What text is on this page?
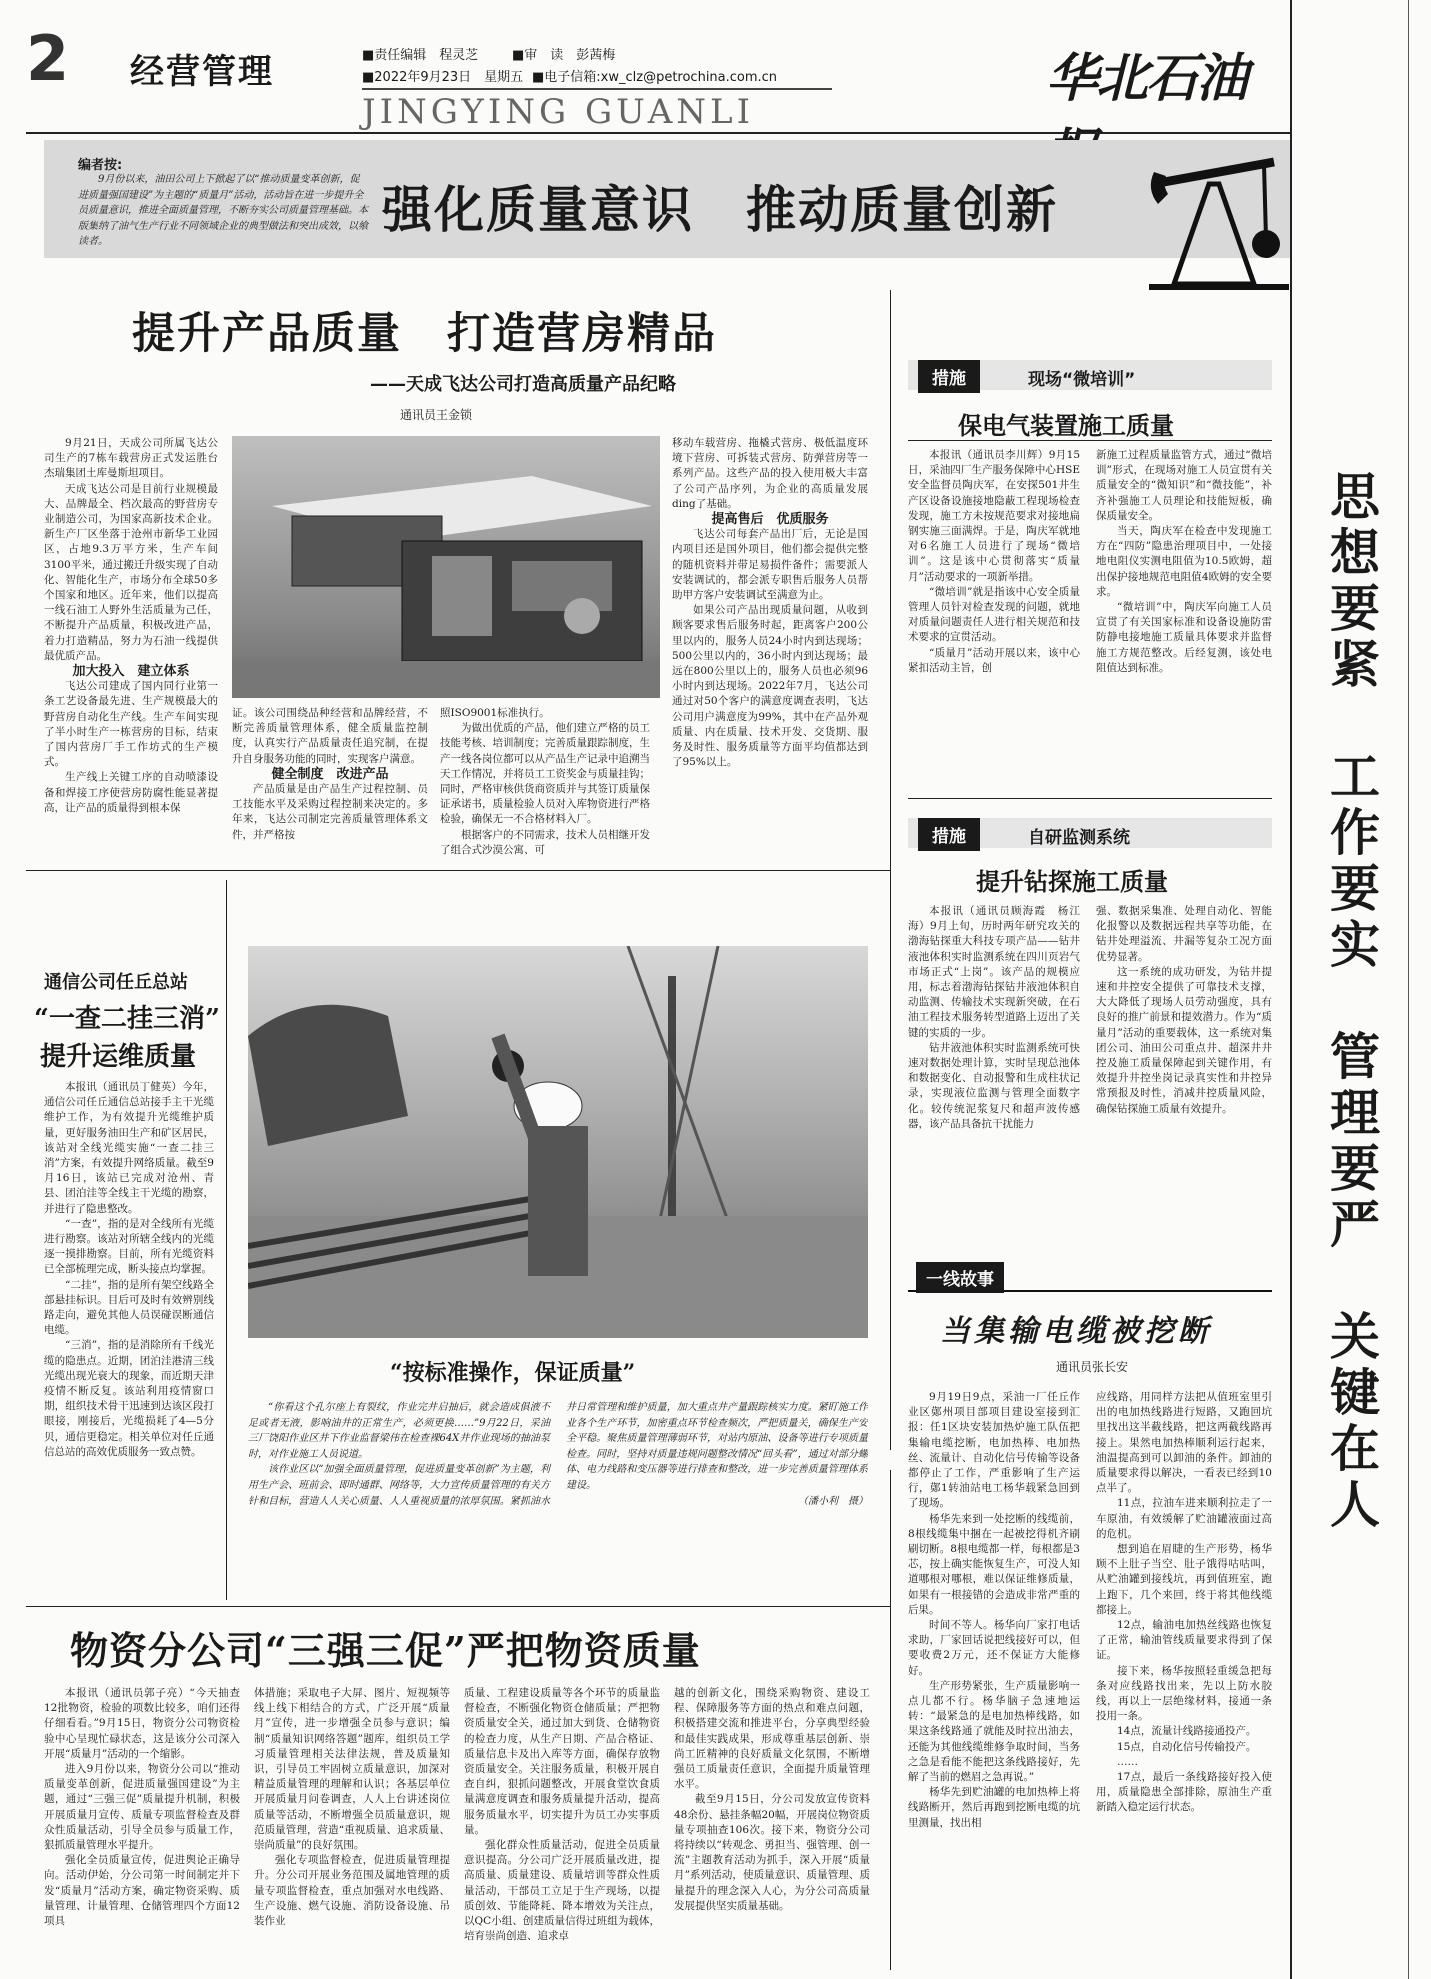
2 经营管理	■责任编辑　程灵芝	■审　读　彭茜梅
■2022年9月23日　星期五 ■电子信箱:xw_clz@petrochina.com.cn
JINGYING GUANLI
华北石油
编者按:
9月份以来，油田公司上下掀起了以“推动质量变革创新，促进质量强国建设”为主题的“质量月”活动，活动旨在进一步提升全员质量意识，推进全面质量管理，不断夯实公司质量管理基础。本版集纳了油气生产行业不同领域企业的典型做法和突出成效，以飨读者。
强化质量意识　推动质量创新
提升产品质量　打造营房精品
——天成飞达公司打造高质量产品纪略
通讯员王金锁

9月21日，天成公司所属飞达公司生产的7栋车载营房正式发运胜台杰瑞集团土库曼斯坦项目。

天成飞达公司是目前行业规模最大、品牌最全、档次最高的野营房专业制造公司，为国家高新技术企业。新生产厂区坐落于沧州市新华工业园区，占地9.3万平方米，生产车间3100平米，通过搬迁升级实现了自动化、智能化生产，市场分布全球50多个国家和地区。近年来，他们以提高一线石油工人野外生活质量为己任，不断提升产品质量，积极改进产品，着力打造精品，努力为石油一线提供最优质产品。

加大投入　建立体系

飞达公司建成了国内同行业第一条工艺设备最先进、生产规模最大的野营房自动化生产线。生产车间实现了半小时生产一栋营房的目标，结束了国内营房厂手工作坊式的生产模式。

生产线上关键工序的自动喷漆设备和焊接工序使营房防腐性能显著提高，让产品的质量得到根本保

证。该公司围绕品种经营和品牌经营，不断完善质量管理体系，健全质量监控制度，认真实行产品质量责任追究制，在提升自身服务功能的同时，实现客户满意。

健全制度　改进产品

产品质量是由产品生产过程控制、员工技能水平及采购过程控制来决定的。多年来，飞达公司制定完善质量管理体系文件，并严格按

照ISO9001标准执行。

为做出优质的产品，他们建立严格的员工技能考核、培训制度；完善质量跟踪制度，生产一线各岗位都可以从产品生产记录中追溯当天工作情况，并将员工工资奖金与质量挂钩；同时，严格审核供货商资质并与其签订质量保证承诺书，质量检验人员对入库物资进行严格检验，确保无一不合格材料入厂。

根据客户的不同需求，技术人员相继开发了组合式沙漠公寓、可

移动车载营房、拖橇式营房、极低温度环境下营房、可拆装式营房、防弹营房等一系列产品。这些产品的投入使用极大丰富了公司产品序列，为企业的高质量发展ding了基础。

提高售后　优质服务

飞达公司每套产品出厂后，无论是国内项目还是国外项目，他们都会提供完整的随机资料并带足易损件备件；需要派人安装调试的，都会派专职售后服务人员帮助甲方客户安装调试至满意为止。

如果公司产品出现质量问题，从收到顾客要求售后服务时起，距离客户200公里以内的，服务人员24小时内到达现场；500公里以内的，36小时内到达现场；最远在800公里以上的，服务人员也必须96小时内到达现场。2022年7月，飞达公司通过对50个客户的满意度调查表明，飞达公司用户满意度为99%，其中在产品外观质量、内在质量、技术开发、交货期、服务及时性、服务质量等方面平均值都达到了95%以上。

措施	现场“微培训”
保电气装置施工质量

本报讯（通讯员李川辉）9月15日，采油四厂生产服务保障中心HSE安全监督员陶庆军，在安探501井生产区设备设施接地隐蔽工程现场检查发现，施工方未按规范要求对接地扁钢实施三面满焊。于是，陶庆军就地对6名施工人员进行了现场“微培训”。这是该中心贯彻落实“质量月”活动要求的一项新举措。

“微培训”就是指该中心安全质量管理人员针对检查发现的问题，就地对质量问题责任人进行相关规范和技术要求的宣贯活动。

“质量月”活动开展以来，该中心紧扣活动主旨，创

新施工过程质量监管方式，通过“微培训”形式，在现场对施工人员宣贯有关质量安全的“微知识”和“微技能”，补齐补强施工人员理论和技能短板，确保质量安全。

当天，陶庆军在检查中发现施工方在“四防”隐患治理项目中，一处接地电阻仪实测电阻值为10.5欧姆，超出保护接地规范电阻值4欧姆的安全要求。

“微培训”中，陶庆军向施工人员宣贯了有关国家标准和设备设施防雷防静电接地施工质量具体要求并监督施工方规范整改。后经复测，该处电阻值达到标准。

措施	自研监测系统
提升钻探施工质量

本报讯（通讯员顾海霞　杨江海）9月上旬，历时两年研究攻关的渤海钻探重大科技专项产品——钻井液池体积实时监测系统在四川页岩气市场正式“上岗”。该产品的规模应用，标志着渤海钻探钻井液池体积自动监测、传输技术实现新突破，在石油工程技术服务转型道路上迈出了关键的实质的一步。

钻井液池体积实时监测系统可快速对数据处理计算，实时呈现总池体和数据变化、自动报警和生成柱状记录，实现液位监测与管理全面数字化。较传统泥浆复尺和超声波传感器，该产品具备抗干扰能力

强、数据采集准、处理自动化、智能化报警以及数据远程共享等功能，在钻井处理溢流、井漏等复杂工况方面优势显著。

这一系统的成功研发，为钻井提速和井控安全提供了可靠技术支撑，大大降低了现场人员劳动强度，具有良好的推广前景和提效潜力。作为“质量月”活动的重要载体，这一系统对集团公司、油田公司重点井、超深井井控及施工质量保障起到关键作用，有效提升井控坐岗记录真实性和井控异常预报及时性，消减井控质量风险，确保钻探施工质量有效提升。

通信公司任丘总站
“一查二挂三消”
提升运维质量

本报讯（通讯员丁健英）今年，通信公司任丘通信总站接手主干光缆维护工作，为有效提升光缆维护质量，更好服务油田生产和矿区居民，该站对全线光缆实施“一查二挂三消”方案，有效提升网络质量。截至9月16日，该站已完成对沧州、青县、团泊洼等全线主干光缆的勘察，并进行了隐患整改。

“一查”，指的是对全线所有光缆进行勘察。该站对所辖全线内的光缆逐一摸排勘察。目前，所有光缆资料已全部梳理完成，断头接点均掌握。

“二挂”，指的是所有架空线路全部悬挂标识。目后可及时有效辨别线路走向，避免其他人员误碰误断通信电缆。

“三消”，指的是消除所有千线光缆的隐患点。近期，团泊洼港清三线光缆出现光衰大的现象，而近期天津疫情不断反复。该站利用疫情窗口期，组织技术骨干迅速到达该区段打眼接，刚接后，光缆损耗了4—5分贝，通信更稳定。相关单位对任丘通信总站的高效优质服务一致点赞。

“按标准操作，保证质量”
“你看这个孔尔座上有裂纹，作业完井启抽后，就会造成俱液不足或者无液，影响油井的正常生产，必须更换……”9月22日，采油三厂饶阳作业区井下作业监督梁伟在检查裸64X井作业现场的抽油泵时，对作业施工人员说道。
该作业区以“加强全面质量管理，促进质量变革创新”为主题，利用生产会、班前会、即时通群、网络等，大力宣传质量管理的有关方针和目标，营造人人关心质量、人人重视质量的浓厚氛围。紧抓油水井日常管理和维护质量，加大重点井产量跟踪核实力度。紧盯施工作业各个生产环节，加密重点环节检查频次，严把质量关，确保生产安全平稳。聚焦质量管理薄弱环节，对站内原油、设备等进行专项质量检查。同时，坚持对质量违规问题整改情况“回头看”，通过对部分螺体、电力线路和变压器等进行排查和整改，进一步完善质量管理体系建设。
（潘小利　摄）
物资分公司“三强三促”严把物资质量

本报讯（通讯员郭子亮）“今天抽查12批物资，检验的项数比较多，咱们还得仔细看看。”9月15日，物资分公司物资检验中心呈现忙碌状态，这是该分公司深入开展“质量月”活动的一个缩影。

进入9月份以来，物资分公司以“推动质量变革创新，促进质量强国建设”为主题，通过“三强三促”质量提升机制，积极开展质量月宣传、质量专项监督检查及群众性质量活动，引导全员参与质量工作，狠抓质量管理水平提升。

强化全员质量宣传，促进舆论正确导向。活动伊始，分公司第一时间制定并下发“质量月”活动方案，确定物资采购、质量管理、计量管理、仓储管理四个方面12项具

体措施；采取电子大屏、图片、短视频等线上线下相结合的方式，广泛开展“质量月”宣传，进一步增强全员参与意识；编制“质量知识网络答题”题库，组织员工学习质量管理相关法律法规，普及质量知识，引导员工牢固树立质量意识，加深对精益质量管理的理解和认识；各基层单位开展质量月问卷调查，人人上台讲述岗位质量等活动，不断增强全员质量意识，规范质量管理，营造“重视质量、追求质量、崇尚质量”的良好氛围。

强化专项监督检查，促进质量管理提升。分公司开展业务范围及属地管理的质量专项监督检查，重点加强对水电线路、生产设施、燃气设施、消防设备设施、吊装作业

质量、工程建设质量等各个环节的质量监督检查，不断强化物资仓储质量；严把物资质量安全关，通过加大到货、仓储物资的检查力度，从生产日期、产品合格证、质量信息卡及出入库等方面，确保存放物资质量安全。关注服务质量，积极开展自查自纠，狠抓问题整改，开展食堂饮食质量满意度调查和服务质量提升活动，提高服务质量水平，切实提升为员工办实事质量。

强化群众性质量活动，促进全员质量意识提高。分公司广泛开展质量改进，提高质量、质量建设、质量培训等群众性质量活动，干部员工立足于生产现场，以提质创效、节能降耗、降本增效为关注点，以QC小组、创建质量信得过班组为载体，培育崇尚创造、追求卓

越的创新文化，围绕采购物资、建设工程、保障服务等方面的热点和难点问题，积极搭建交流和推进平台，分享典型经验和最佳实践成果，形成尊重基层创新、崇尚工匠精神的良好质量文化氛围，不断增强员工质量责任意识，全面提升质量管理水平。

截至9月15日，分公司发放宣传资料48余份、悬挂条幅20幅，开展岗位物资质量专项抽查106次。接下来，物资分公司将持续以“转观念、勇担当、强管理、创一流”主题教育活动为抓手，深入开展“质量月”系列活动，使质量意识、质量管理、质量提升的理念深入人心，为分公司高质量发展提供坚实质量基础。

一线故事
当集输电缆被挖断
通讯员张长安

9月19日9点，采油一厂任丘作业区鄚州项目部项目建设室接到汇报：任1区块安装加热炉施工队伍把集输电缆挖断，电加热棒、电加热丝、流量计、自动化信号传输等设备都停止了工作，严重影响了生产运行，鄚1转油站电工杨华载紧急回到了现场。

杨华先来到一处挖断的线缆前，8根线缆集中捆在一起被挖得机齐刷刷切断。8根电缆都一样，每根都是3芯，按上确实能恢复生产，可没人知道哪根对哪根，难以保证维修质量，如果有一根接错的会造成非常严重的后果。

时间不等人。杨华向厂家打电话求助，厂家回话说把线接好可以，但要收费2万元，还不保证方大能修好。

生产形势紧张，生产质量影响一点儿都不行。杨华脑子急速地运转：“最紧急的是电加热棒线路，如果这条线路通了就能及时拉出油去，还能为其他线缆维修争取时间，当务之急是看能不能把这条线路接好，先解了当前的燃眉之急再说。”

杨华先到贮油罐的电加热棒上将线路断开，然后再跑到挖断电缆的坑里测量，找出相

应线路，用同样方法把从值班室里引出的电加热线路进行短路，又跑回坑里找出这半截线路，把这两截线路再接上。果然电加热棒顺利运行起来，油温提高到可以卸油的条件。卸油的质量要求得以解决，一看表已经到10点半了。

11点，拉油车进来顺利拉走了一车原油，有效缓解了贮油罐液面过高的危机。

想到追在眉睫的生产形势，杨华顾不上肚子当空、肚子饿得咕咕叫，从贮油罐到接线坑，再到值班室，跑上跑下，几个来回，终于将其他线缆都接上。

12点，输油电加热丝线路也恢复了正常，输油管线质量要求得到了保证。

接下来，杨华按照轻重缓急把每条对应线路找出来，先以上防水胶线，再以上一层绝缘材料，接通一条投用一条。

14点，流量计线路接通投产。

15点，自动化信号传输投产。

……

17点，最后一条线路接好投入使用，质量隐患全部排除，原油生产重新踏入稳定运行状态。

思想要紧　工作要实　管理要严　关键在人
